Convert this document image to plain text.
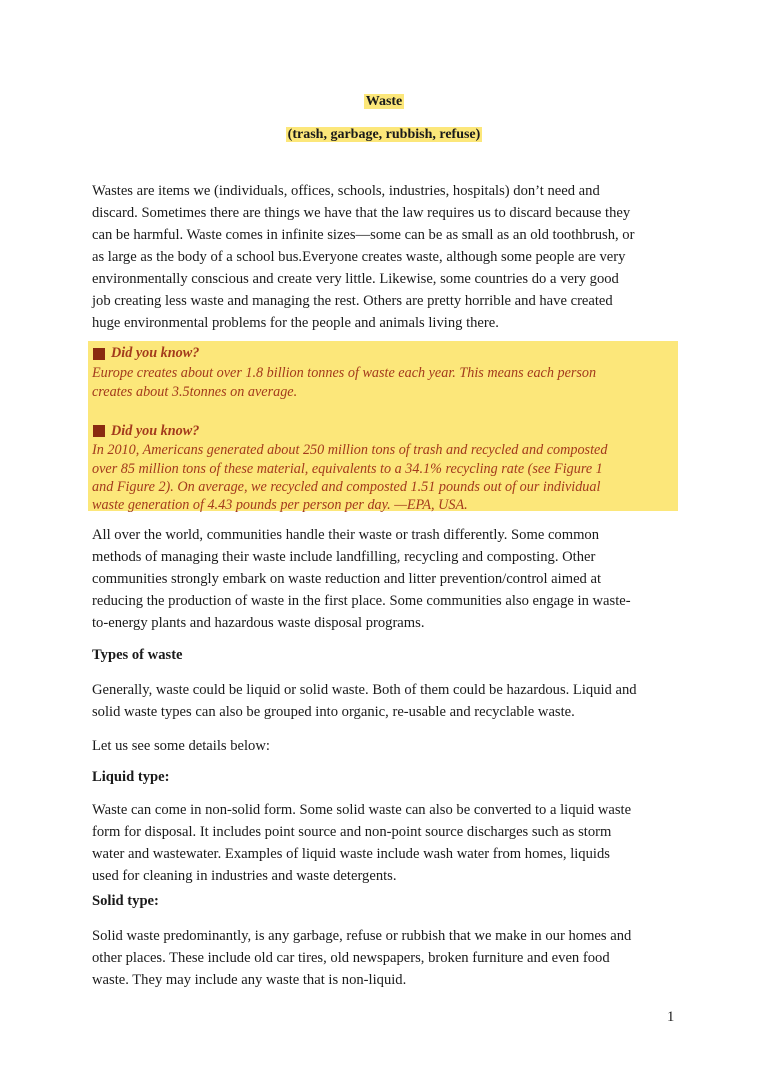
Waste
(trash, garbage, rubbish, refuse)
Wastes are items we (individuals, offices, schools, industries, hospitals) don’t need and
discard. Sometimes there are things we have that the law requires us to discard because they
can be harmful. Waste comes in infinite sizes—some can be as small as an old toothbrush, or
as large as the body of a school bus.Everyone creates waste, although some people are very
environmentally conscious and create very little. Likewise, some countries do a very good
job creating less waste and managing the rest. Others are pretty horrible and have created
huge environmental problems for the people and animals living there.
Did you know?
Europe creates about over 1.8 billion tonnes of waste each year. This means each person
creates about 3.5tonnes on average.
Did you know?
In 2010, Americans generated about 250 million tons of trash and recycled and composted
over 85 million tons of these material, equivalents to a 34.1% recycling rate (see Figure 1
and Figure 2). On average, we recycled and composted 1.51 pounds out of our individual
waste generation of 4.43 pounds per person per day. —EPA, USA.
All over the world, communities handle their waste or trash differently. Some common
methods of managing their waste include landfilling, recycling and composting. Other
communities strongly embark on waste reduction and litter prevention/control aimed at
reducing the production of waste in the first place. Some communities also engage in waste-
to-energy plants and hazardous waste disposal programs.
Types of waste
Generally, waste could be liquid or solid waste. Both of them could be hazardous. Liquid and
solid waste types can also be grouped into organic, re-usable and recyclable waste.
Let us see some details below:
Liquid type:
Waste can come in non-solid form. Some solid waste can also be converted to a liquid waste
form for disposal. It includes point source and non-point source discharges such as storm
water and wastewater. Examples of liquid waste include wash water from homes, liquids
used for cleaning in industries and waste detergents.
Solid type:
Solid waste predominantly, is any garbage, refuse or rubbish that we make in our homes and
other places. These include old car tires, old newspapers, broken furniture and even food
waste. They may include any waste that is non-liquid.
1
